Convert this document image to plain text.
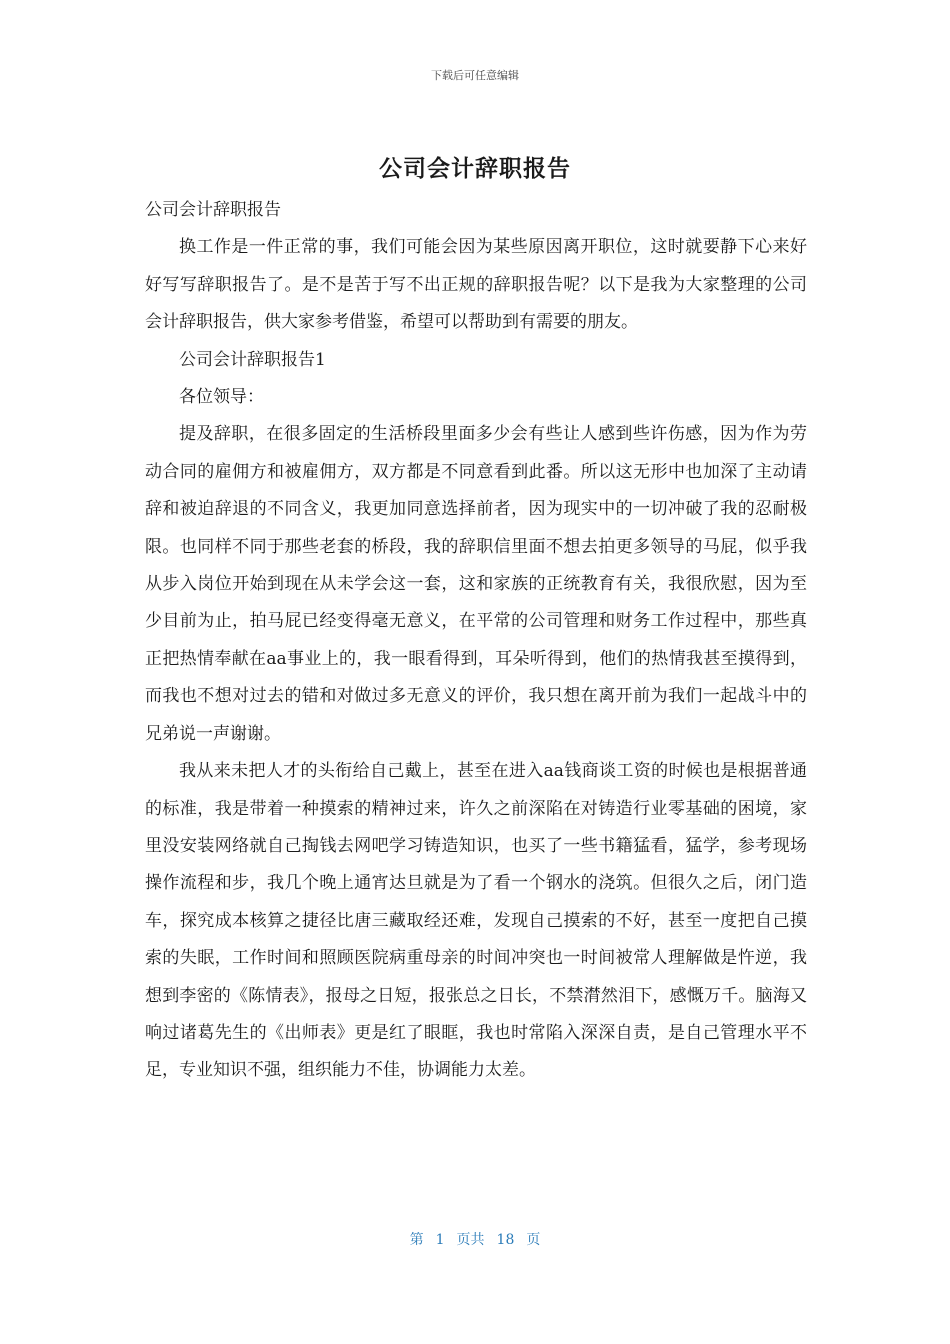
下载后可任意编辑
公司会计辞职报告

公司会计辞职报告

换工作是一件正常的事，我们可能会因为某些原因离开职位，这时就要静下心来好好写写辞职报告了。是不是苦于写不出正规的辞职报告呢？以下是我为大家整理的公司会计辞职报告，供大家参考借鉴，希望可以帮助到有需要的朋友。

公司会计辞职报告1

各位领导：

提及辞职，在很多固定的生活桥段里面多少会有些让人感到些许伤感，因为作为劳动合同的雇佣方和被雇佣方，双方都是不同意看到此番。所以这无形中也加深了主动请辞和被迫辞退的不同含义，我更加同意选择前者，因为现实中的一切冲破了我的忍耐极限。也同样不同于那些老套的桥段，我的辞职信里面不想去拍更多领导的马屁，似乎我从步入岗位开始到现在从未学会这一套，这和家族的正统教育有关，我很欣慰，因为至少目前为止，拍马屁已经变得毫无意义，在平常的公司管理和财务工作过程中，那些真正把热情奉献在aa事业上的，我一眼看得到，耳朵听得到，他们的热情我甚至摸得到，而我也不想对过去的错和对做过多无意义的评价，我只想在离开前为我们一起战斗中的兄弟说一声谢谢。

我从来未把人才的头衔给自己戴上，甚至在进入aa钱商谈工资的时候也是根据普通的标准，我是带着一种摸索的精神过来，许久之前深陷在对铸造行业零基础的困境，家里没安装网络就自己掏钱去网吧学习铸造知识，也买了一些书籍猛看，猛学，参考现场操作流程和步，我几个晚上通宵达旦就是为了看一个钢水的浇筑。但很久之后，闭门造车，探究成本核算之捷径比唐三藏取经还难，发现自己摸索的不好，甚至一度把自己摸索的失眠，工作时间和照顾医院病重母亲的时间冲突也一时间被常人理解做是忤逆，我想到李密的《陈情表》，报母之日短，报张总之日长，不禁潸然泪下，感慨万千。脑海又响过诸葛先生的《出师表》更是红了眼眶，我也时常陷入深深自责，是自己管理水平不足，专业知识不强，组织能力不佳，协调能力太差。

第 1 页共 18 页
